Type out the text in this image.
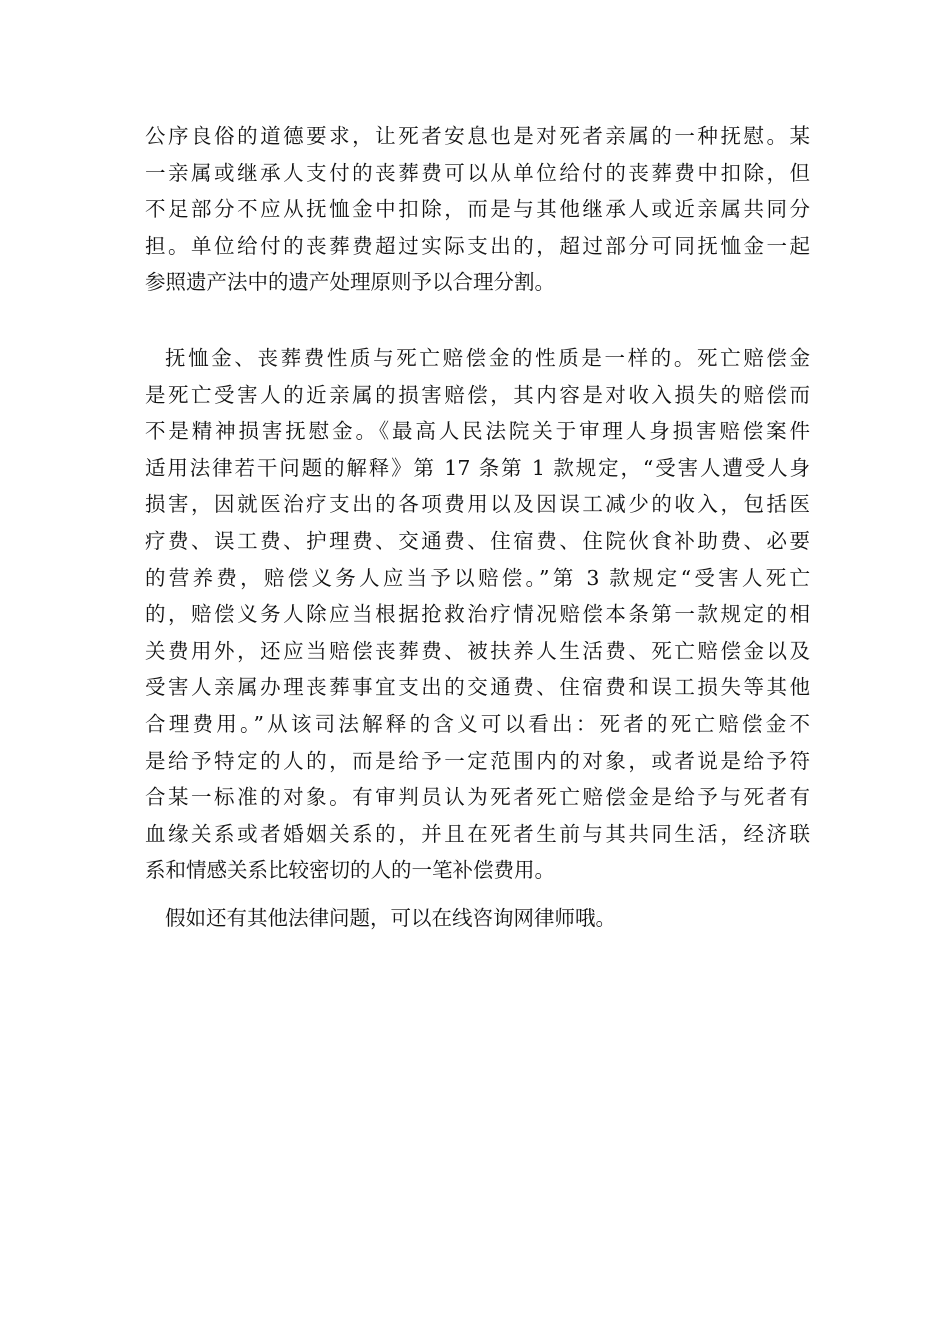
公序良俗的道德要求，让死者安息也是对死者亲属的一种抚慰。某
一亲属或继承人支付的丧葬费可以从单位给付的丧葬费中扣除，但
不足部分不应从抚恤金中扣除，而是与其他继承人或近亲属共同分
担。单位给付的丧葬费超过实际支出的，超过部分可同抚恤金一起
参照遗产法中的遗产处理原则予以合理分割。
抚恤金、丧葬费性质与死亡赔偿金的性质是一样的。死亡赔偿金
是死亡受害人的近亲属的损害赔偿，其内容是对收入损失的赔偿而
不是精神损害抚慰金。《最高人民法院关于审理人身损害赔偿案件
适用法律若干问题的解释》第 17 条第 1 款规定，“受害人遭受人身
损害，因就医治疗支出的各项费用以及因误工减少的收入，包括医
疗费、误工费、护理费、交通费、住宿费、住院伙食补助费、必要
的营养费，赔偿义务人应当予以赔偿。”第 3 款规定“受害人死亡
的，赔偿义务人除应当根据抢救治疗情况赔偿本条第一款规定的相
关费用外，还应当赔偿丧葬费、被扶养人生活费、死亡赔偿金以及
受害人亲属办理丧葬事宜支出的交通费、住宿费和误工损失等其他
合理费用。”从该司法解释的含义可以看出：死者的死亡赔偿金不
是给予特定的人的，而是给予一定范围内的对象，或者说是给予符
合某一标准的对象。有审判员认为死者死亡赔偿金是给予与死者有
血缘关系或者婚姻关系的，并且在死者生前与其共同生活，经济联
系和情感关系比较密切的人的一笔补偿费用。
假如还有其他法律问题，可以在线咨询网律师哦。
